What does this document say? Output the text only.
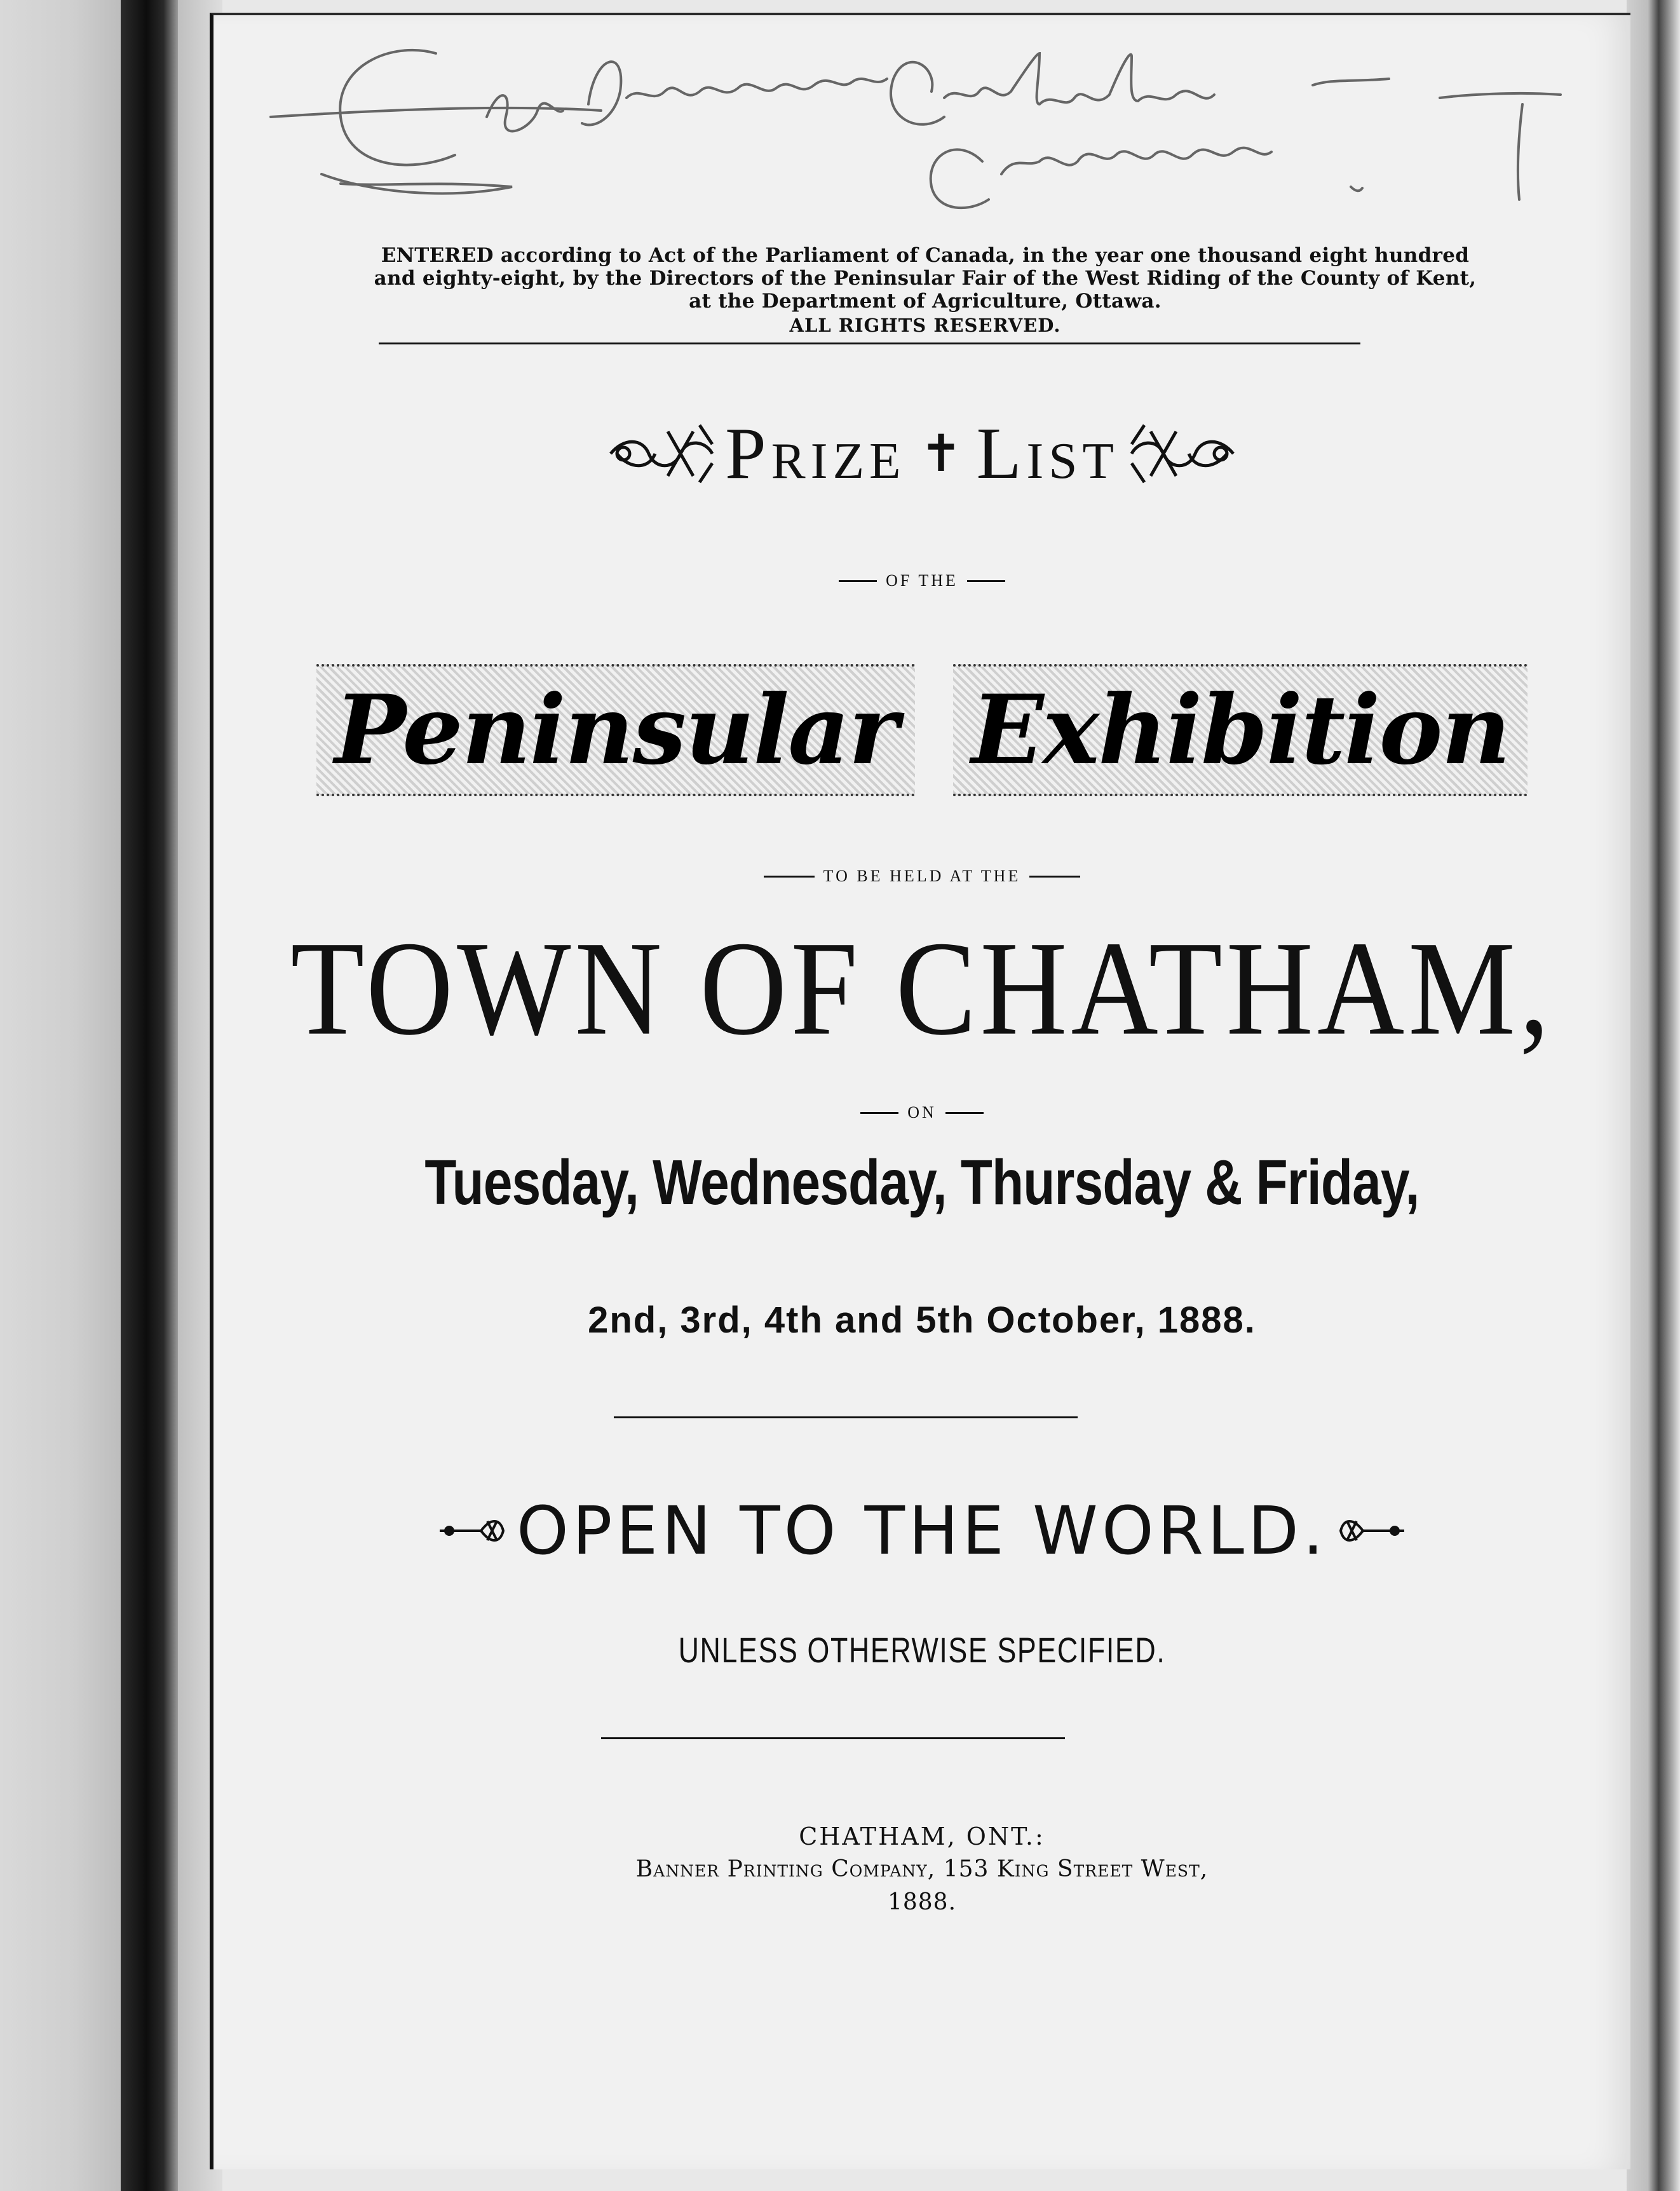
ENTERED according to Act of the Parliament of Canada, in the year one thousand eight hundred and eighty-eight, by the Directors of the Peninsular Fair of the West Riding of the County of Kent, at the Department of Agriculture, Ottawa.
ALL RIGHTS RESERVED.
Prize ✝ List
OF THE
Peninsular Exhibition
TO BE HELD AT THE
TOWN OF CHATHAM,
ON
Tuesday, Wednesday, Thursday & Friday,
2nd, 3rd, 4th and 5th October, 1888.
OPEN TO THE WORLD.
UNLESS OTHERWISE SPECIFIED.
CHATHAM, ONT.:
Banner Printing Company, 153 King Street West,
1888.
